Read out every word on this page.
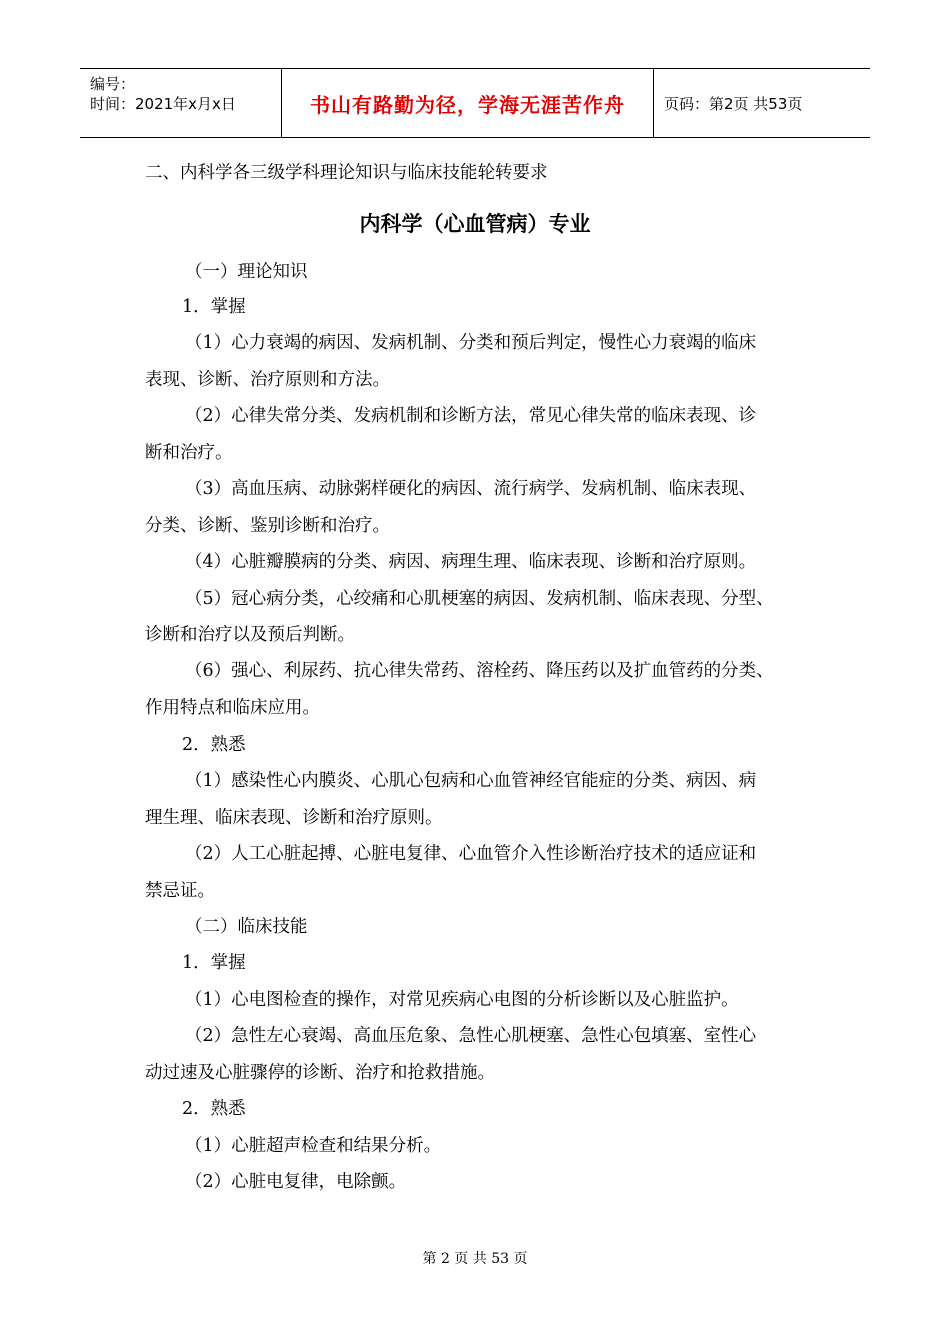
编号：
时间：2021年x月x日	书山有路勤为径，学海无涯苦作舟	页码：第2页 共53页
二、内科学各三级学科理论知识与临床技能轮转要求
内科学（心血管病）专业
（一）理论知识
1．掌握
（1）心力衰竭的病因、发病机制、分类和预后判定，慢性心力衰竭的临床
表现、诊断、治疗原则和方法。
（2）心律失常分类、发病机制和诊断方法，常见心律失常的临床表现、诊
断和治疗。
（3）高血压病、动脉粥样硬化的病因、流行病学、发病机制、临床表现、
分类、诊断、鉴别诊断和治疗。
（4）心脏瓣膜病的分类、病因、病理生理、临床表现、诊断和治疗原则。
（5）冠心病分类，心绞痛和心肌梗塞的病因、发病机制、临床表现、分型、
诊断和治疗以及预后判断。
（6）强心、利尿药、抗心律失常药、溶栓药、降压药以及扩血管药的分类、
作用特点和临床应用。
2．熟悉
（1）感染性心内膜炎、心肌心包病和心血管神经官能症的分类、病因、病
理生理、临床表现、诊断和治疗原则。
（2）人工心脏起搏、心脏电复律、心血管介入性诊断治疗技术的适应证和
禁忌证。
（二）临床技能
1．掌握
（1）心电图检查的操作，对常见疾病心电图的分析诊断以及心脏监护。
（2）急性左心衰竭、高血压危象、急性心肌梗塞、急性心包填塞、室性心
动过速及心脏骤停的诊断、治疗和抢救措施。
2．熟悉
（1）心脏超声检查和结果分析。
（2）心脏电复律，电除颤。
第 2 页 共 53 页
